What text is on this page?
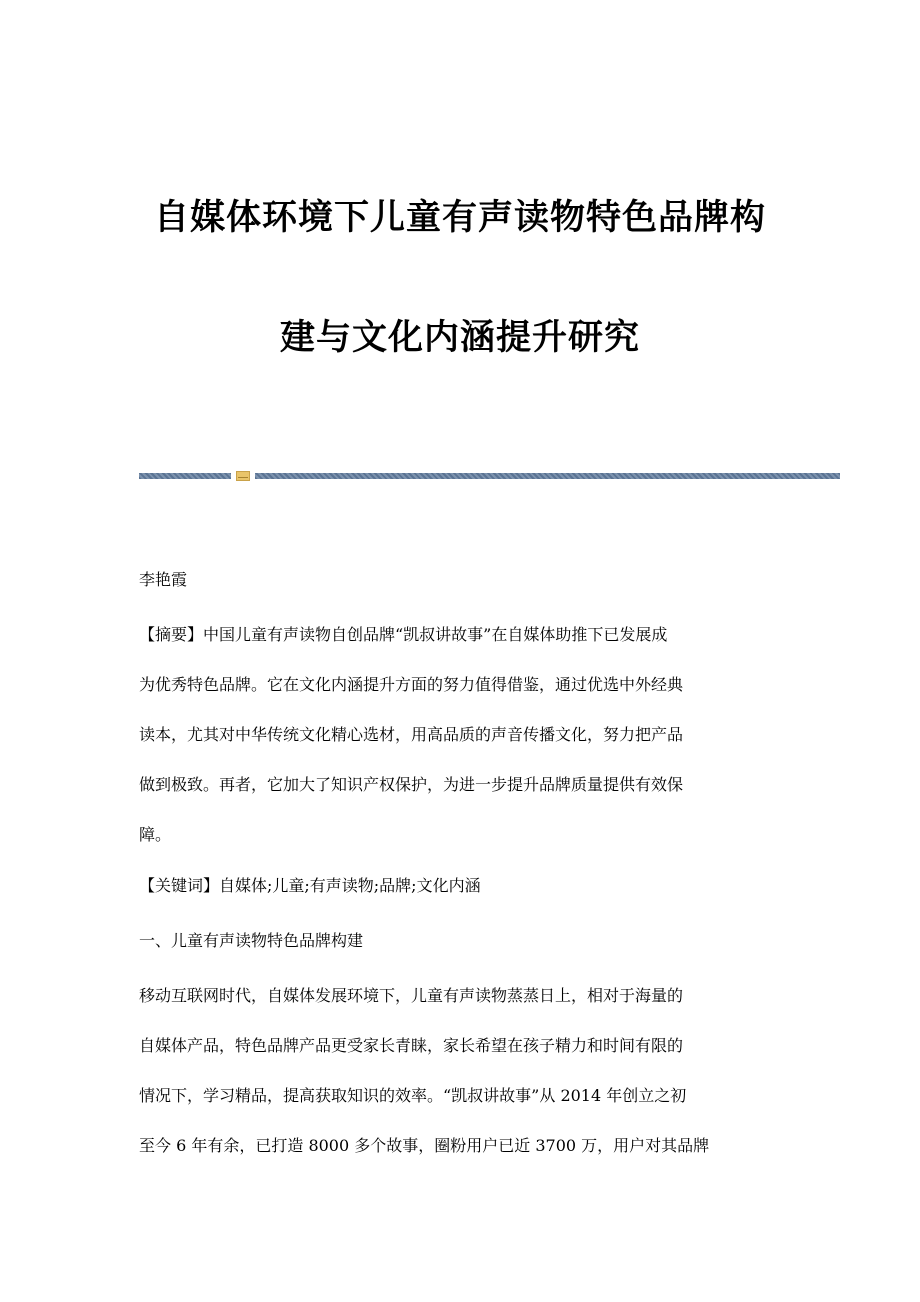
自媒体环境下儿童有声读物特色品牌构
建与文化内涵提升研究

李艳霞

【摘要】中国儿童有声读物自创品牌“凯叔讲故事”在自媒体助推下已发展成

为优秀特色品牌。它在文化内涵提升方面的努力值得借鉴，通过优选中外经典

读本，尤其对中华传统文化精心选材，用高品质的声音传播文化，努力把产品

做到极致。再者，它加大了知识产权保护，为进一步提升品牌质量提供有效保

障。

【关键词】自媒体;儿童;有声读物;品牌;文化内涵

一、儿童有声读物特色品牌构建

移动互联网时代，自媒体发展环境下，儿童有声读物蒸蒸日上，相对于海量的

自媒体产品，特色品牌产品更受家长青睐，家长希望在孩子精力和时间有限的

情况下，学习精品，提高获取知识的效率。“凯叔讲故事”从 2014 年创立之初

至今 6 年有余，已打造 8000 多个故事，圈粉用户已近 3700 万，用户对其品牌
